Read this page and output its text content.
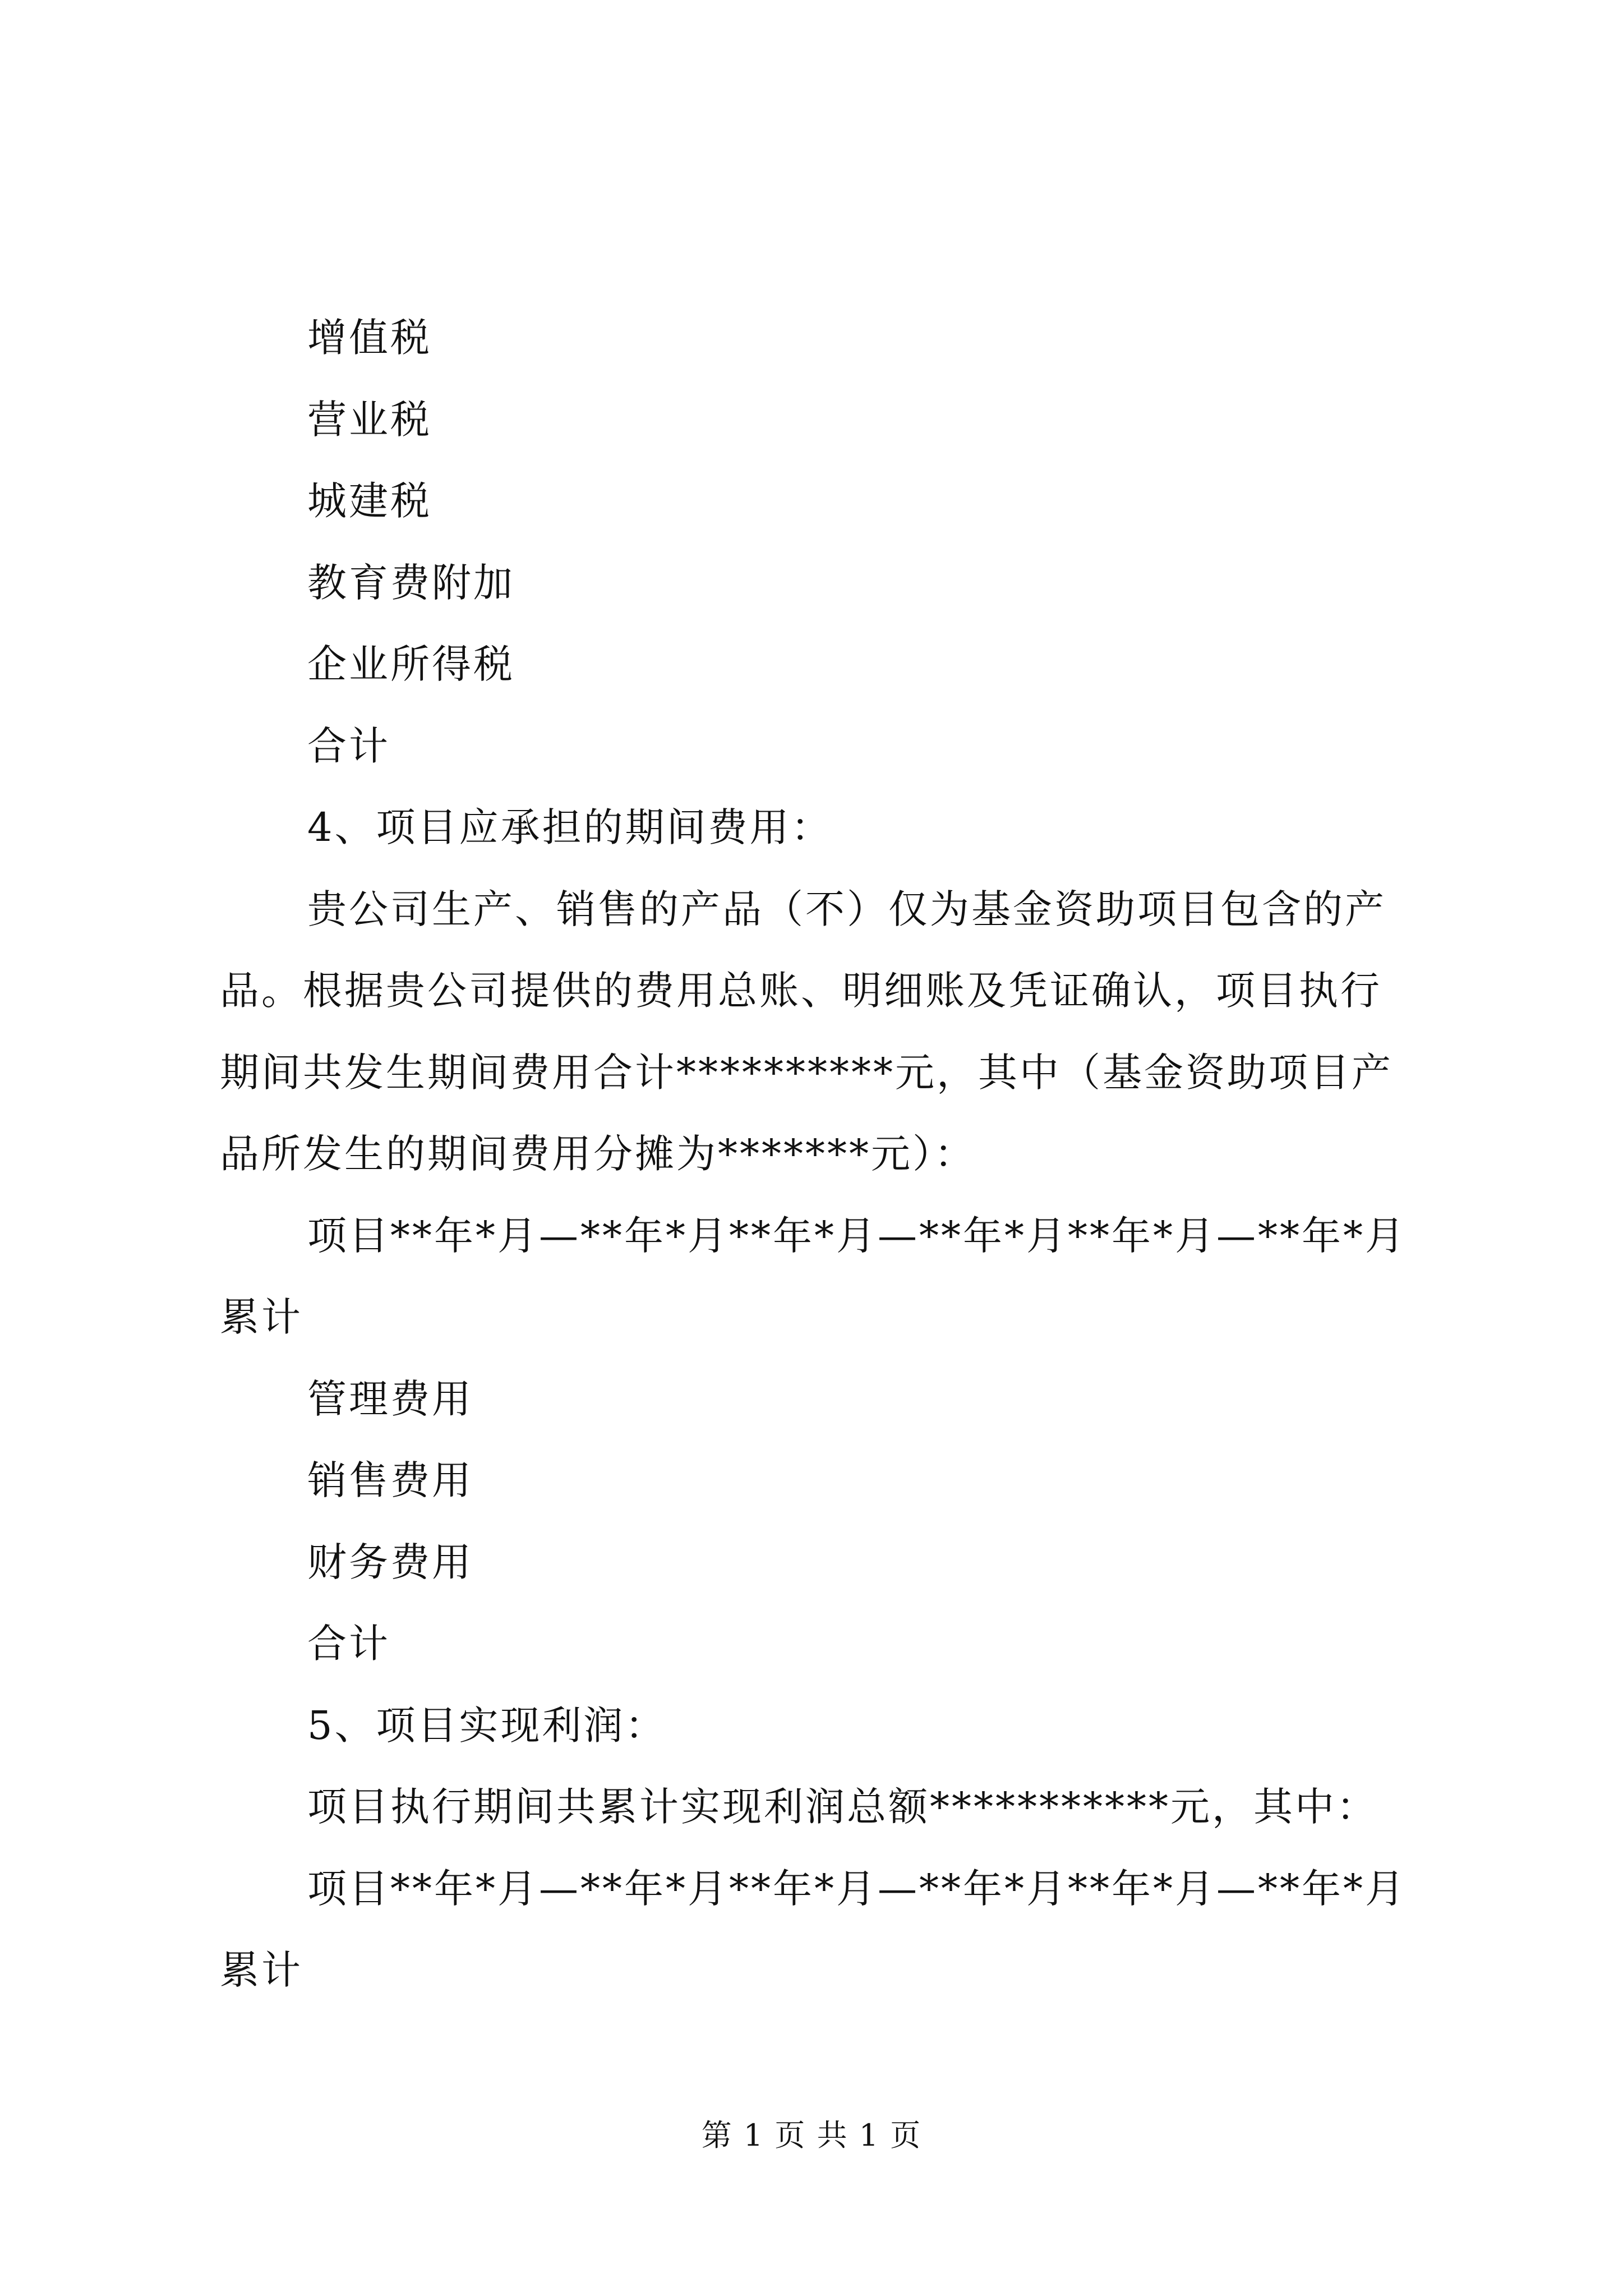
增值税
营业税
城建税
教育费附加
企业所得税
合计
4、项目应承担的期间费用：
贵公司生产、销售的产品（不）仅为基金资助项目包含的产
品。根据贵公司提供的费用总账、明细账及凭证确认，项目执行
期间共发生期间费用合计**********元，其中（基金资助项目产
品所发生的期间费用分摊为*******元）：
项目**年*月—**年*月**年*月—**年*月**年*月—**年*月
累计
管理费用
销售费用
财务费用
合计
5、项目实现利润：
项目执行期间共累计实现利润总额***********元，其中：
项目**年*月—**年*月**年*月—**年*月**年*月—**年*月
累计
第 1 页 共 1 页
